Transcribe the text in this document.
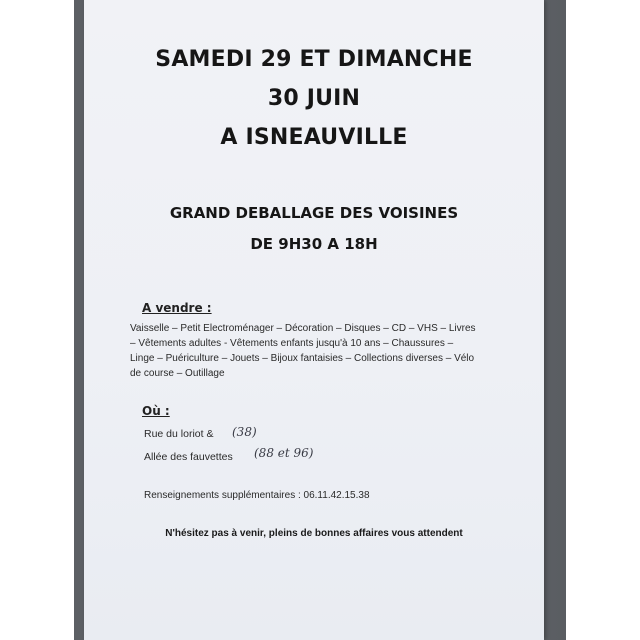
SAMEDI 29 ET DIMANCHE
30 JUIN
A ISNEAUVILLE
GRAND DEBALLAGE DES VOISINES
DE 9H30 A 18H
A vendre :
Vaisselle – Petit Electroménager – Décoration – Disques – CD – VHS – Livres
– Vêtements adultes - Vêtements enfants jusqu'à 10 ans – Chaussures –
Linge – Puériculture – Jouets – Bijoux fantaisies – Collections diverses – Vélo
de course – Outillage
Où :
Rue du loriot & (38)
Allée des fauvettes (88 et 96)
Renseignements supplémentaires : 06.11.42.15.38
N'hésitez pas à venir, pleins de bonnes affaires vous attendent
